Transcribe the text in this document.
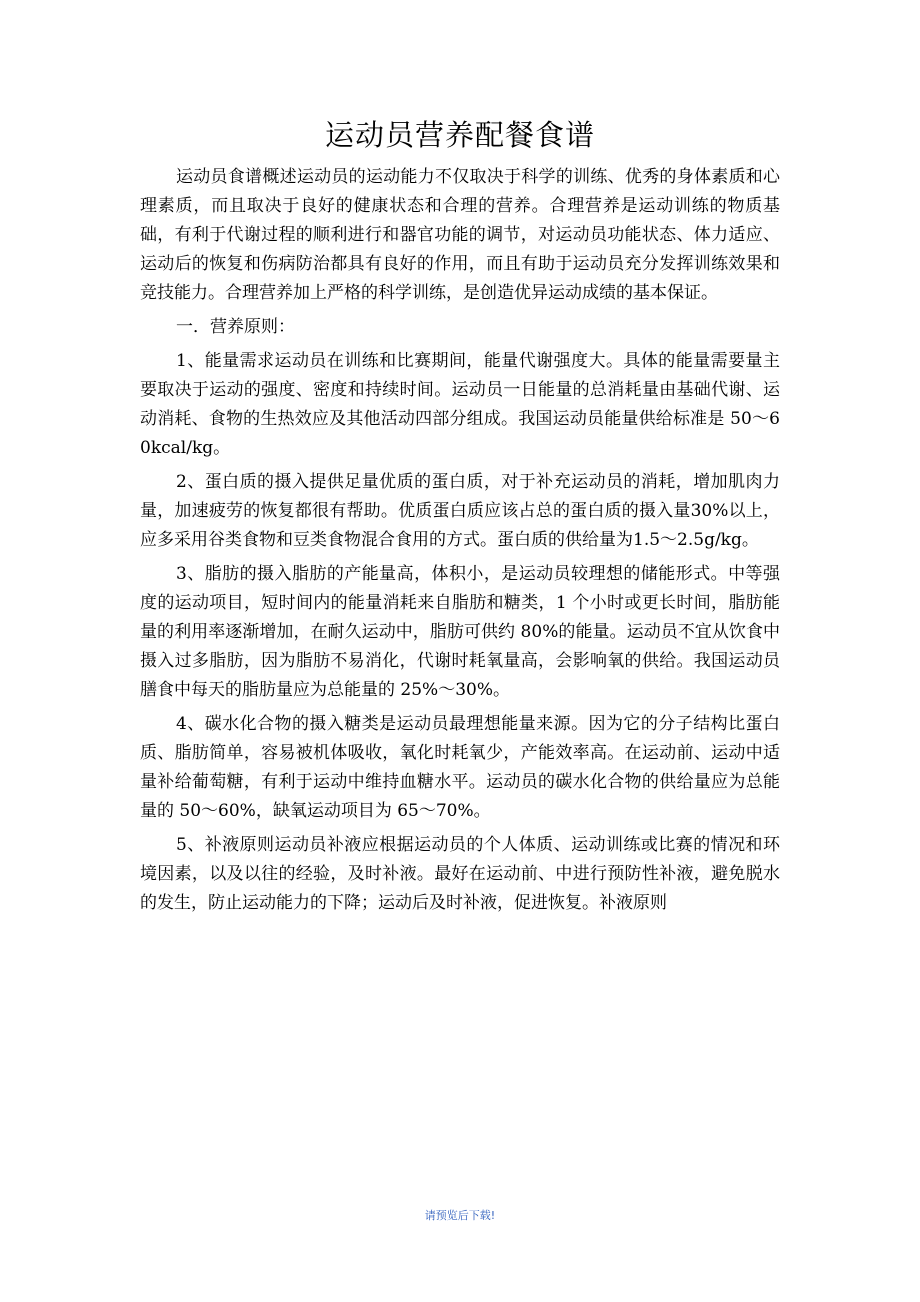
运动员营养配餐食谱

运动员食谱概述运动员的运动能力不仅取决于科学的训练、优秀的身体素质和心理素质，而且取决于良好的健康状态和合理的营养。合理营养是运动训练的物质基础，有利于代谢过程的顺利进行和器官功能的调节，对运动员功能状态、体力适应、运动后的恢复和伤病防治都具有良好的作用，而且有助于运动员充分发挥训练效果和竞技能力。合理营养加上严格的科学训练，是创造优异运动成绩的基本保证。

一．营养原则：

1、能量需求运动员在训练和比赛期间，能量代谢强度大。具体的能量需要量主要取决于运动的强度、密度和持续时间。运动员一日能量的总消耗量由基础代谢、运动消耗、食物的生热效应及其他活动四部分组成。我国运动员能量供给标准是 50～60kcal/kg。

2、蛋白质的摄入提供足量优质的蛋白质，对于补充运动员的消耗，增加肌肉力量，加速疲劳的恢复都很有帮助。优质蛋白质应该占总的蛋白质的摄入量30%以上，应多采用谷类食物和豆类食物混合食用的方式。蛋白质的供给量为1.5～2.5g/kg。

3、脂肪的摄入脂肪的产能量高，体积小，是运动员较理想的储能形式。中等强度的运动项目，短时间内的能量消耗来自脂肪和糖类，1 个小时或更长时间，脂肪能量的利用率逐渐增加，在耐久运动中，脂肪可供约 80%的能量。运动员不宜从饮食中摄入过多脂肪，因为脂肪不易消化，代谢时耗氧量高，会影响氧的供给。我国运动员膳食中每天的脂肪量应为总能量的 25%～30%。

4、碳水化合物的摄入糖类是运动员最理想能量来源。因为它的分子结构比蛋白质、脂肪简单，容易被机体吸收，氧化时耗氧少，产能效率高。在运动前、运动中适量补给葡萄糖，有利于运动中维持血糖水平。运动员的碳水化合物的供给量应为总能量的 50～60%，缺氧运动项目为 65～70%。

5、补液原则运动员补液应根据运动员的个人体质、运动训练或比赛的情况和环境因素，以及以往的经验，及时补液。最好在运动前、中进行预防性补液，避免脱水的发生，防止运动能力的下降；运动后及时补液，促进恢复。补液原则

请预览后下载!
